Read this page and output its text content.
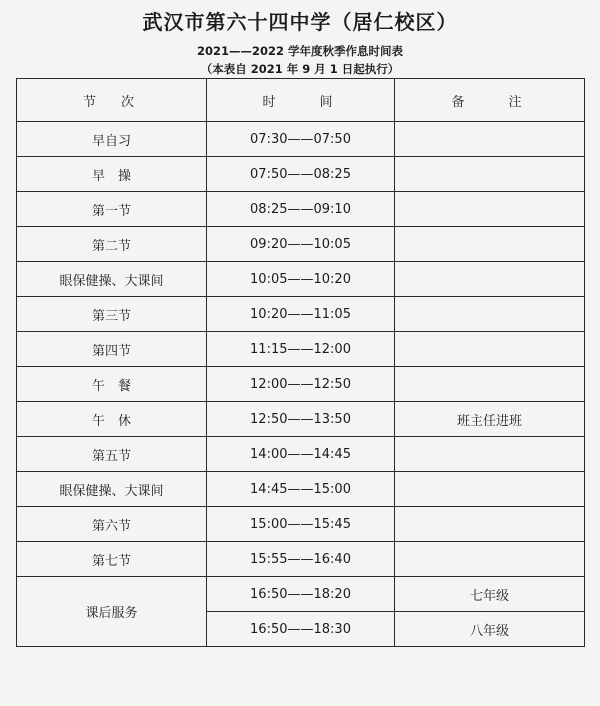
武汉市第六十四中学（居仁校区）
2021——2022 学年度秋季作息时间表
（本表自 2021 年 9 月 1 日起执行）
节　次	时　　间	备　　注
早自习	07:30——07:50	
早　操	07:50——08:25	
第一节	08:25——09:10	
第二节	09:20——10:05	
眼保健操、大课间	10:05——10:20	
第三节	10:20——11:05	
第四节	11:15——12:00	
午　餐	12:00——12:50	
午　休	12:50——13:50	班主任进班
第五节	14:00——14:45	
眼保健操、大课间	14:45——15:00	
第六节	15:00——15:45	
第七节	15:55——16:40	
课后服务	16:50——18:20	七年级
	16:50——18:30	八年级
